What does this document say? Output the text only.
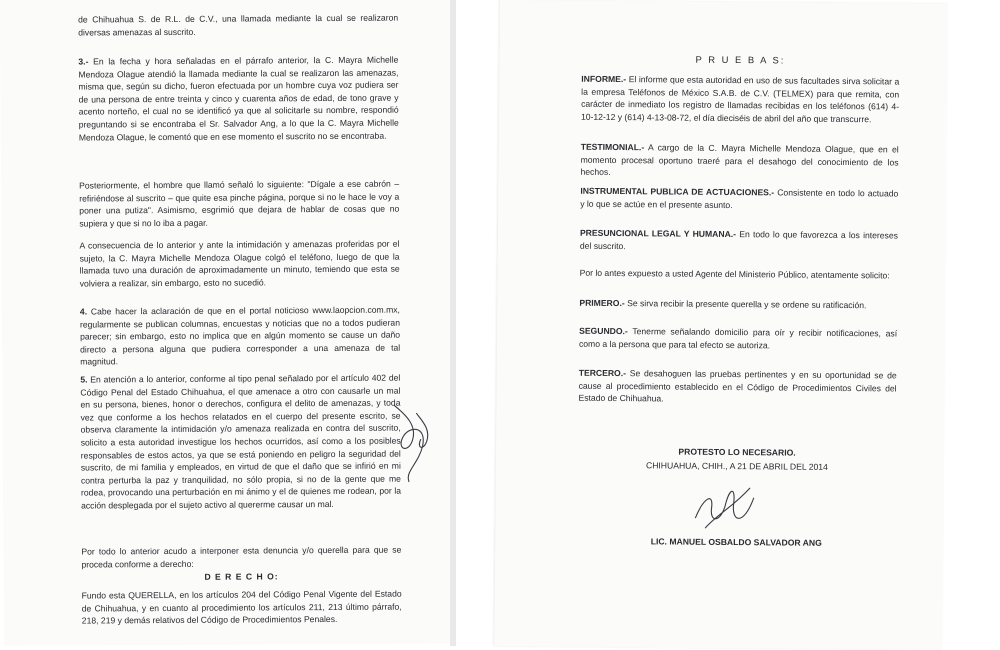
de Chihuahua S. de R.L. de C.V., una llamada mediante la cual se realizaron diversas amenazas al suscrito.

3.- En la fecha y hora señaladas en el párrafo anterior, la C. Mayra Michelle Mendoza Olague atendió la llamada mediante la cual se realizaron las amenazas, misma que, según su dicho, fueron efectuada por un hombre cuya voz pudiera ser de una persona de entre treinta y cinco y cuarenta años de edad, de tono grave y acento norteño, el cual no se identificó ya que al solicitarle su nombre, respondió preguntando si se encontraba el Sr. Salvador Ang, a lo que la C. Mayra Michelle Mendoza Olague, le comentó que en ese momento el suscrito no se encontraba.

Posteriormente, el hombre que llamó señaló lo siguiente: "Dígale a ese cabrón – refiriéndose al suscrito – que quite esa pinche página, porque si no le hace le voy a poner una putiza". Asimismo, esgrimió que dejara de hablar de cosas que no supiera y que si no lo iba a pagar.

A consecuencia de lo anterior y ante la intimidación y amenazas proferidas por el sujeto, la C. Mayra Michelle Mendoza Olague colgó el teléfono, luego de que la llamada tuvo una duración de aproximadamente un minuto, temiendo que esta se volviera a realizar, sin embargo, esto no sucedió.

4. Cabe hacer la aclaración de que en el portal noticioso www.laopcion.com.mx, regularmente se publican columnas, encuestas y noticias que no a todos pudieran parecer; sin embargo, esto no implica que en algún momento se cause un daño directo a persona alguna que pudiera corresponder a una amenaza de tal magnitud.

5. En atención a lo anterior, conforme al tipo penal señalado por el artículo 402 del Código Penal del Estado Chihuahua, el que amenace a otro con causarle un mal en su persona, bienes, honor o derechos, configura el delito de amenazas, y toda vez que conforme a los hechos relatados en el cuerpo del presente escrito, se observa claramente la intimidación y/o amenaza realizada en contra del suscrito, solicito a esta autoridad investigue los hechos ocurridos, así como a los posibles responsables de estos actos, ya que se está poniendo en peligro la seguridad del suscrito, de mi familia y empleados, en virtud de que el daño que se infirió en mi contra perturba la paz y tranquilidad, no sólo propia, si no de la gente que me rodea, provocando una perturbación en mi ánimo y el de quienes me rodean, por la acción desplegada por el sujeto activo al quererme causar un mal.

Por todo lo anterior acudo a interponer esta denuncia y/o querella para que se proceda conforme a derecho:

D E R E C H O:

Fundo esta QUERELLA, en los artículos 204 del Código Penal Vigente del Estado de Chihuahua, y en cuanto al procedimiento los artículos 211, 213 último párrafo, 218, 219 y demás relativos del Código de Procedimientos Penales.

P R U E B A S:

INFORME.- El informe que esta autoridad en uso de sus facultades sirva solicitar a la empresa Teléfonos de México S.A.B. de C.V. (TELMEX) para que remita, con carácter de inmediato los registro de llamadas recibidas en los teléfonos (614) 4-10-12-12 y (614) 4-13-08-72, el día dieciséis de abril del año que transcurre.

TESTIMONIAL.- A cargo de la C. Mayra Michelle Mendoza Olague, que en el momento procesal oportuno traeré para el desahogo del conocimiento de los hechos.

INSTRUMENTAL PUBLICA DE ACTUACIONES.- Consistente en todo lo actuado y lo que se actúe en el presente asunto.

PRESUNCIONAL LEGAL Y HUMANA.- En todo lo que favorezca a los intereses del suscrito.

Por lo antes expuesto a usted Agente del Ministerio Público, atentamente solicito:

PRIMERO.- Se sirva recibir la presente querella y se ordene su ratificación.

SEGUNDO.- Tenerme señalando domicilio para oír y recibir notificaciones, así como a la persona que para tal efecto se autoriza.

TERCERO.- Se desahoguen las pruebas pertinentes y en su oportunidad se de cause al procedimiento establecido en el Código de Procedimientos Civiles del Estado de Chihuahua.

PROTESTO LO NECESARIO.

CHIHUAHUA, CHIH., A 21 DE ABRIL DEL 2014

LIC. MANUEL OSBALDO SALVADOR ANG
